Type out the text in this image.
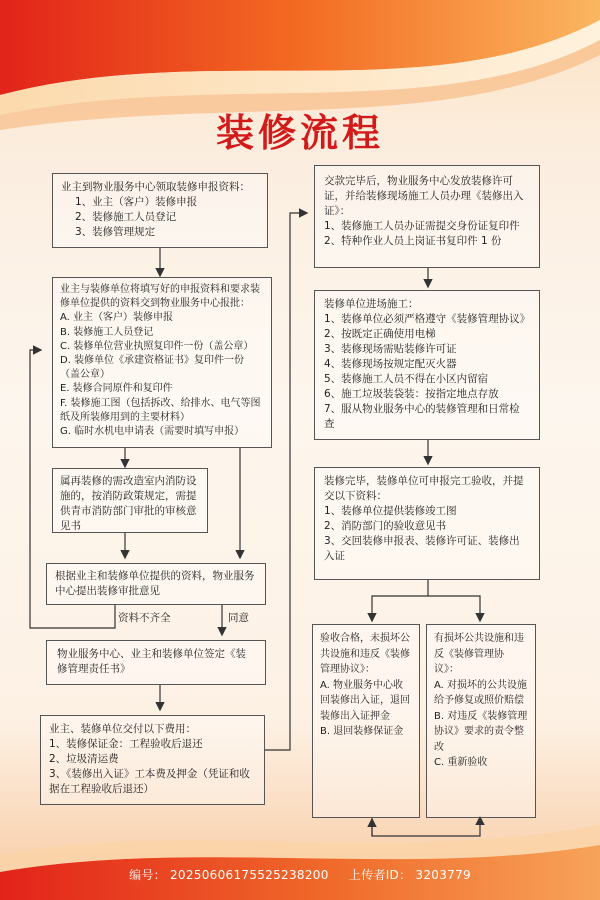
装修流程
业主到物业服务中心领取装修申报资料：
1、业主（客户）装修申报
2、装修施工人员登记
3、装修管理规定
业主与装修单位将填写好的申报资料和要求装修单位提供的资料交到物业服务中心报批：
A. 业主（客户）装修申报
B. 装修施工人员登记
C. 装修单位营业执照复印件一份（盖公章）
D. 装修单位《承建资格证书》复印件一份（盖公章）
E. 装修合同原件和复印件
F. 装修施工图（包括拆改、给排水、电气等图纸及所装修用到的主要材料）
G. 临时水机电申请表（需要时填写申报）
属再装修的需改造室内消防设施的，按消防政策规定，需提供青市消防部门审批的审核意见书
根据业主和装修单位提供的资料，物业服务中心提出装修审批意见
资料不齐全	同意
物业服务中心、业主和装修单位签定《装修管理责任书》
业主、装修单位交付以下费用：
1、装修保证金：工程验收后退还
2、垃圾清运费
3、《装修出入证》工本费及押金（凭证和收据在工程验收后退还）
交款完毕后，物业服务中心发放装修许可证，并给装修现场施工人员办理《装修出入证》：
1、装修施工人员办证需提交身份证复印件
2、特种作业人员上岗证书复印件 1 份
装修单位进场施工：
1、装修单位必须严格遵守《装修管理协议》
2、按既定正确使用电梯
3、装修现场需贴装修许可证
4、装修现场按规定配灭火器
5、装修施工人员不得在小区内留宿
6、施工垃圾装袋装：按指定地点存放
7、服从物业服务中心的装修管理和日常检查
装修完毕，装修单位可申报完工验收，并提交以下资料：
1、装修单位提供装修竣工图
2、消防部门的验收意见书
3、交回装修申报表、装修许可证、装修出入证
验收合格，未损坏公共设施和违反《装修管理协议》：
A. 物业服务中心收回装修出入证，退回装修出入证押金
B. 退回装修保证金
有损坏公共设施和违反《装修管理协议》：
A. 对损坏的公共设施给予修复或照价赔偿
B. 对违反《装修管理协议》要求的责令整改
C. 重新验收
编号： 20250606175525238200 上传者ID： 3203779
